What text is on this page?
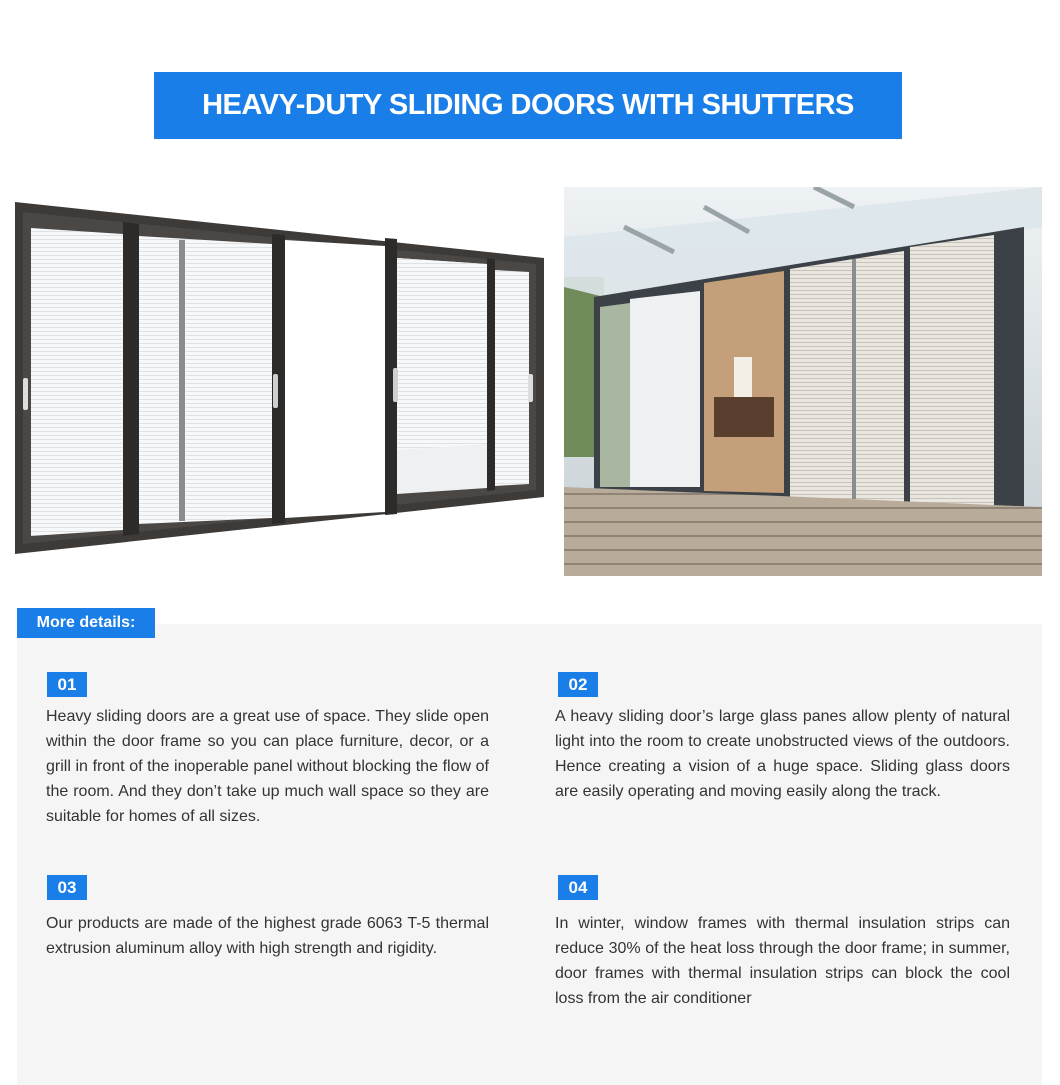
HEAVY-DUTY SLIDING DOORS WITH SHUTTERS
More details:
01
Heavy sliding doors are a great use of space. They slide open within the door frame so you can place furniture, decor, or a grill in front of the inoperable panel without blocking the flow of the room. And they don’t take up much wall space so they are suitable for homes of all sizes.
02
A heavy sliding door’s large glass panes allow plenty of natural light into the room to create unobstructed views of the outdoors. Hence creating a vision of a huge space. Sliding glass doors are easily operating and moving easily along the track.
03
Our products are made of the highest grade 6063 T-5 thermal extrusion aluminum alloy with high strength and rigidity.
04
In winter, window frames with thermal insulation strips can reduce 30% of the heat loss through the door frame; in summer, door frames with thermal insulation strips can block the cool loss from the air conditioner
